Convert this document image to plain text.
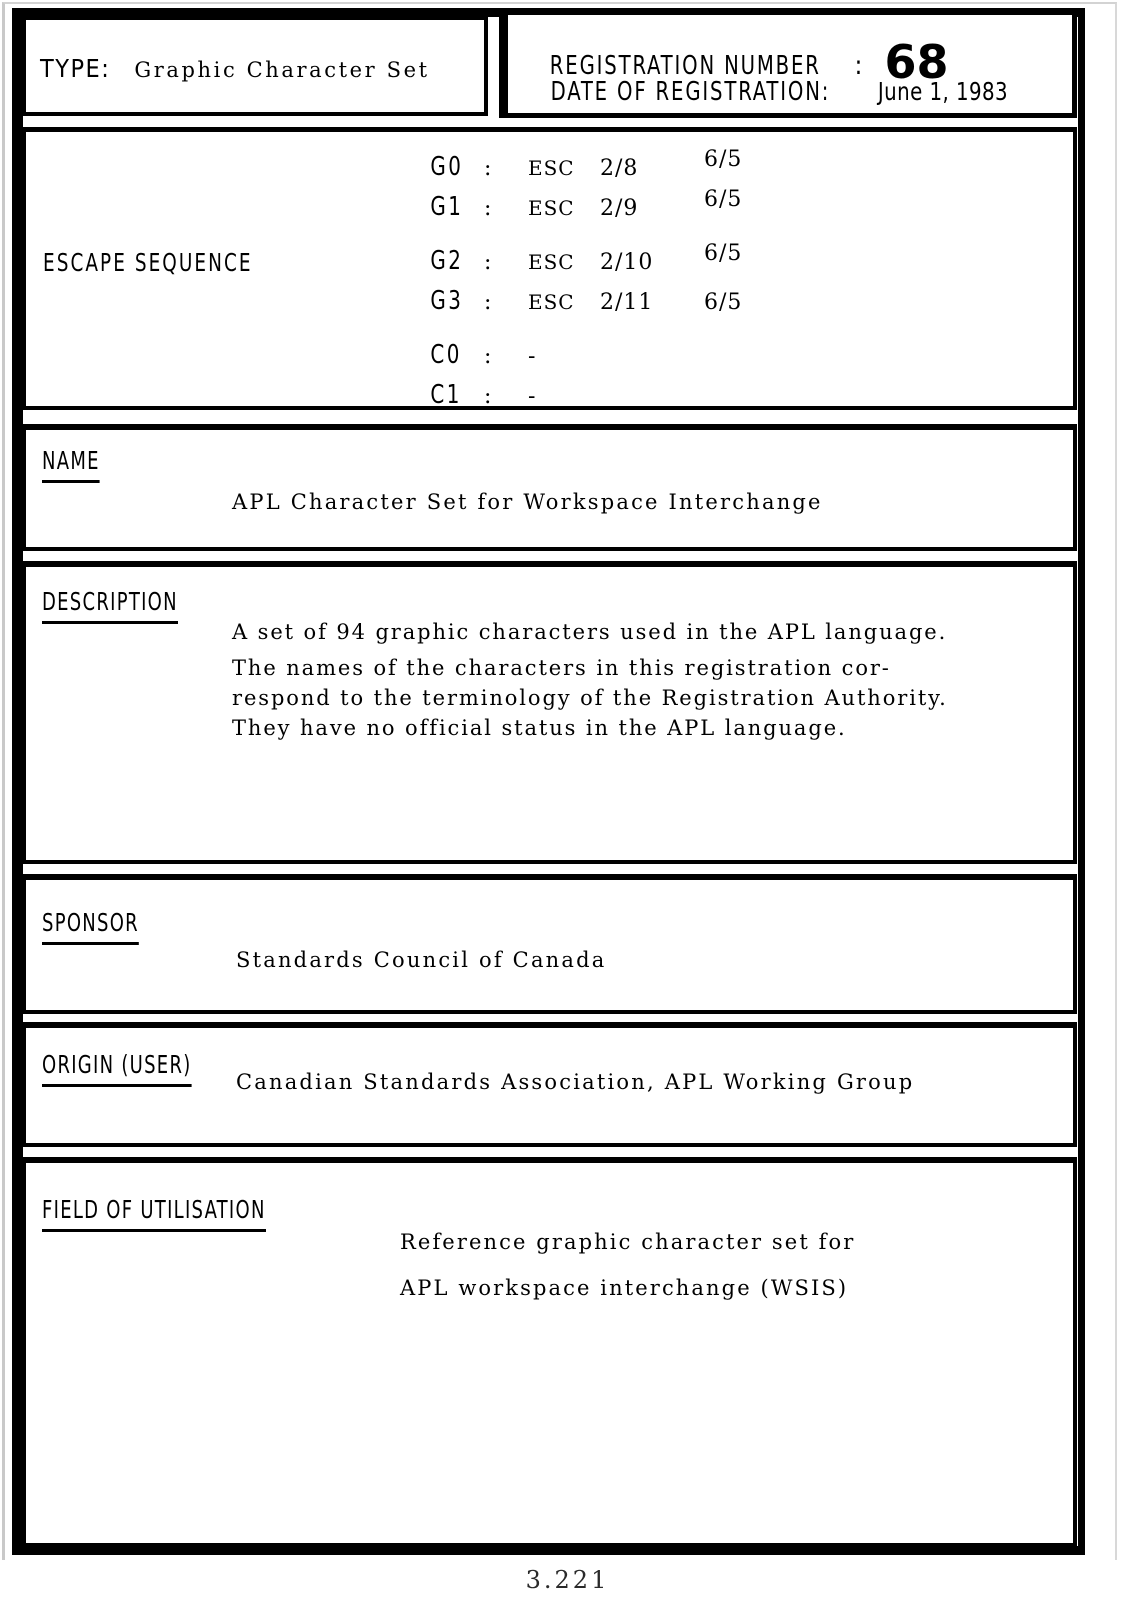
TYPE: Graphic Character Set	REGISTRATION NUMBER : 68
DATE OF REGISTRATION: June 1, 1983
ESCAPE SEQUENCE
G0 :	ESC	2/8	6/5
G1 :	ESC	2/9	6/5
G2 :	ESC	2/10	6/5
G3 :	ESC	2/11	6/5
C0	:	-
C1	:	-
NAME
APL Character Set for Workspace Interchange
DESCRIPTION
A set of 94 graphic characters used in the APL language.
The names of the characters in this registration cor-
respond to the terminology of the Registration Authority.
They have no official status in the APL language.
SPONSOR
Standards Council of Canada
ORIGIN (USER)
Canadian Standards Association, APL Working Group
FIELD OF UTILISATION
Reference graphic character set for
APL workspace interchange (WSIS)
3.221
